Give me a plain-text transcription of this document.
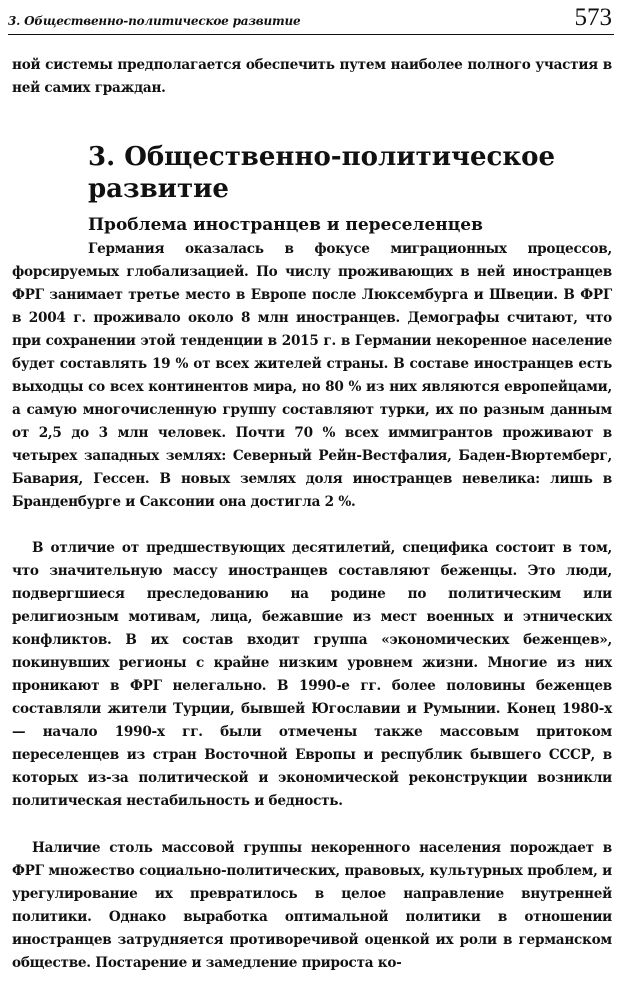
3. Общественно-политическое развитие	573

ной системы предполагается обеспечить путем наиболее полного участия в ней самих граждан.

3. Общественно-политическое
развитие
Проблема иностранцев и переселенцев

Германия оказалась в фокусе миграционных процессов, форсируемых глобализацией. По числу проживающих в ней иностранцев ФРГ занимает третье место в Европе после Люксембурга и Швеции. В ФРГ в 2004 г. проживало около 8 млн иностранцев. Демографы считают, что при сохранении этой тенденции в 2015 г. в Германии некоренное население будет составлять 19 % от всех жителей страны. В составе иностранцев есть выходцы со всех континентов мира, но 80 % из них являются европейцами, а самую многочисленную группу составляют турки, их по разным данным от 2,5 до 3 млн человек. Почти 70 % всех иммигрантов проживают в четырех западных землях: Северный Рейн-Вестфалия, Баден-Вюртемберг, Бавария, Гессен. В новых землях доля иностранцев невелика: лишь в Бранденбурге и Саксонии она достигла 2 %.

В отличие от предшествующих десятилетий, специфика состоит в том, что значительную массу иностранцев составляют беженцы. Это люди, подвергшиеся преследованию на родине по политическим или религиозным мотивам, лица, бежавшие из мест военных и этнических конфликтов. В их состав входит группа «экономических беженцев», покинувших регионы с крайне низким уровнем жизни. Многие из них проникают в ФРГ нелегально. В 1990-е гг. более половины беженцев составляли жители Турции, бывшей Югославии и Румынии. Конец 1980-х — начало 1990-х гг. были отмечены также массовым притоком переселенцев из стран Восточной Европы и республик бывшего СССР, в которых из-за политической и экономической реконструкции возникли политическая нестабильность и бедность.

Наличие столь массовой группы некоренного населения порождает в ФРГ множество социально-политических, правовых, культурных проблем, и урегулирование их превратилось в целое направление внутренней политики. Однако выработка оптимальной политики в отношении иностранцев затрудняется противоречивой оценкой их роли в германском обществе. Постарение и замедление прироста ко-
